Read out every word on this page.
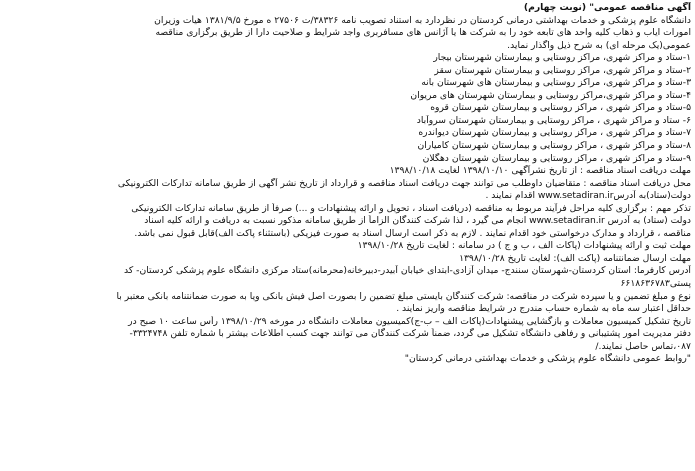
آگهی مناقصه عمومی" (نوبت چهارم)
دانشگاه علوم پزشکی و خدمات بهداشتی درمانی کردستان در نظردارد به استناد تصویب نامه ۳۸۳۲۶/ت ۲۷۵۰۶ ه مورخ ۱۳۸۱/۹/۵ هیأت وزیران
امورات اياب و ذهاب كليه واحد های تابعه خود را به شرکت ها يا آژانس های مسافربری واجد شرايط و صلاحيت دارا از طريق برگزاری مناقصه
عمومی(یک مرحله ای) به شرح ذیل واگذار نماید.
۱-ستاد و مراکز شهری، مراکز روستایی و بیمارستان شهرستان بیجار
۲-ستاد و مراکز شهری، مراکز روستایی و بیمارستان شهرستان سقز
۳-ستاد و مراکز شهری، مراکز روستایی و بیمارستان های شهرستان بانه
۴-ستاد و مراکز شهری،مراکز روستایی و بیمارستان شهرستان های مریوان
۵-ستاد و مراکز شهری ، مراکز روستایی و بیمارستان شهرستان قروه
۶- ستاد و مراکز شهری ، مراکز روستایی و بیمارستان شهرستان سروآباد
۷-ستاد و مراکز شهری ، مراکز روستایی و بیمارستان شهرستان دیواندره
۸-ستاد و مراکز شهری ، مراکز روستایی و بیمارستان شهرستان کامیاران
۹-ستاد و مراکز شهری ، مراکز روستایی و بیمارستان شهرستان دهگلان
مهلت دریافت اسناد مناقصه : از تاریخ نشرآگهی ۱۳۹۸/۱۰/۱۰ لغایت ۱۳۹۸/۱۰/۱۸
محل دریافت اسناد مناقصه : متقاضیان داوطلب می توانند جهت دریافت اسناد مناقصه و قرارداد از تاریخ نشر آگهی از طریق سامانه تدارکات الکترونیکی
دولت(ستاد)به آدرسwww.setadiran.ir اقدام نمایند .
تذکر مهم : برگزاری کلیه مراحل فرآیند مربوط به مناقصه (دریافت اسناد ، تحویل و ارائه پیشنهادات و ...) صرفاً از طریق سامانه تدارکات الکترونیکی
دولت (ستاد) به آدرس www.setadiran.ir انجام می گیرد ، لذا شرکت کنندگان الزاماً از طریق سامانه مذکور نسبت به دریافت و ارائه کلیه اسناد
مناقصه ، قرارداد و مدارک درخواستی خود اقدام نمایند . لازم به ذکر است ارسال اسناد به صورت فیزیکی (باستثناء پاکت الف)قابل قبول نمی باشد.
مهلت ثبت و ارائه پیشنهادات (پاکات الف ، ب و ج ) در سامانه : لغایت تاریخ ۱۳۹۸/۱۰/۲۸
مهلت ارسال ضمانتنامه (پاکت الف): لغایت تاریخ ۱۳۹۸/۱۰/۲۸
آدرس کارفرما: استان کردستان-شهرستان سنندج- میدان آزادی-ابتدای خیابان آبیدر-دبیرخانه(محرمانه)ستاد مرکزی دانشگاه علوم پزشکی کردستان- کد
پستی۶۶۱۸۶۳۶۷۸۳
نوع و مبلغ تضمین و یا سپرده شرکت در مناقصه: شرکت کنندگان بایستی مبلغ تضمین را بصورت اصل فیش بانکی ویا به صورت ضمانتنامه بانکی معتبر با
حداقل اعتبار سه ماه به شماره حساب مندرج در شرایط مناقصه واریز نمایند .
تاریخ تشکیل کمیسیون معاملات و بازگشایی پیشنهادات(پاکات الف – ب-ج)کمیسیون معاملات دانشگاه در مورخه ۱۳۹۸/۱۰/۲۹ رأس ساعت ۱۰ صبح در
دفتر مدیریت امور پشتیبانی و رفاهی دانشگاه تشکیل می گردد، ضمناً شرکت کنندگان می توانند جهت کسب اطلاعات بیشتر با شماره تلفن ۳۳۲۴۷۴۸-
۰۸۷،تماس حاصل نمایند./
"روابط عمومی دانشگاه علوم پزشکی و خدمات بهداشتی درمانی کردستان"
